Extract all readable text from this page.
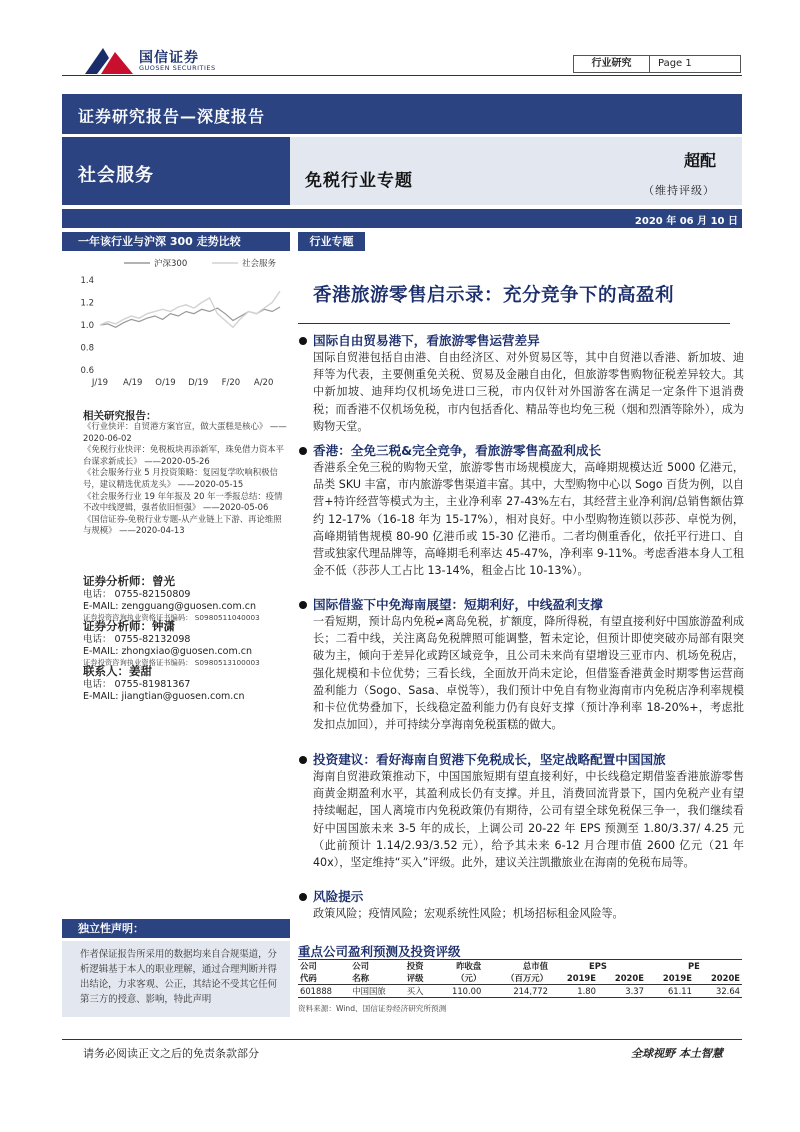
国信证券
GUOSEN SECURITIES	行业研究	Page 1
证券研究报告—深度报告
社会服务	免税行业专题
超配
（维持评级）
2020 年 06 月 10 日
一年该行业与沪深 300 走势比较
1.4
1.2
1.0
0.8
0.6
J/19 A/19 O/19 D/19 F/20 A/20
沪深300	社会服务
相关研究报告：

《行业快评：自贸港方案官宣，做大蛋糕是核心》 ——2020-06-02

《免税行业快评：免税板块再添新军，珠免借力资本平台谋求新成长》 ——2020-05-26

《社会服务行业 5 月投资策略：复园复学吹响积极信号，建议精选优质龙头》 ——2020-05-15

《社会服务行业 19 年年报及 20 年一季报总结：疫情不改中线逻辑，强者依旧恒强》 ——2020-05-06

《国信证券-免税行业专题-从产业链上下游、再论维照与规模》 ——2020-04-13

证券分析师：曾光
电话： 0755-82150809
E-MAIL: zengguang@guosen.com.cn
证券投资咨询执业资格证书编码： S0980511040003
证券分析师：钟潇
电话： 0755-82132098
E-MAIL: zhongxiao@guosen.com.cn
证券投资咨询执业资格证书编码： S0980513100003
联系人：姜甜
电话： 0755-81981367
E-MAIL: jiangtian@guosen.com.cn
独立性声明：
作者保证报告所采用的数据均来自合规渠道，分析逻辑基于本人的职业理解，通过合理判断并得出结论，力求客观、公正，其结论不受其它任何第三方的授意、影响，特此声明
行业专题
香港旅游零售启示录：充分竞争下的高盈利
国际自由贸易港下，看旅游零售运营差异
国际自贸港包括自由港、自由经济区、对外贸易区等，其中自贸港以香港、新加坡、迪拜等为代表，主要侧重免关税、贸易及金融自由化，但旅游零售购物征税差异较大。其中新加坡、迪拜均仅机场免进口三税，市内仅针对外国游客在满足一定条件下退消费税；而香港不仅机场免税，市内包括香化、精品等也均免三税（烟和烈酒等除外），成为购物天堂。
香港：全免三税&完全竞争，看旅游零售高盈利成长
香港系全免三税的购物天堂，旅游零售市场规模庞大，高峰期规模达近 5000 亿港元，品类 SKU 丰富，市内旅游零售渠道丰富。其中，大型购物中心以 Sogo 百货为例，以自营+特许经营等模式为主，主业净利率 27-43%左右，其经营主业净利润/总销售额估算约 12-17%（16-18 年为 15-17%），相对良好。中小型购物连锁以莎莎、卓悦为例，高峰期销售规模 80-90 亿港币或 15-30 亿港币。二者均侧重香化，依托平行进口、自营或独家代理品牌等，高峰期毛利率达 45-47%，净利率 9-11%。考虑香港本身人工租金不低（莎莎人工占比 13-14%，租金占比 10-13%）。
国际借鉴下中免海南展望：短期利好，中线盈利支撑
一看短期，预计岛内免税≠离岛免税，扩额度，降所得税，有望直接利好中国旅游盈利成长；二看中线，关注离岛免税牌照可能调整，暂未定论，但预计即使突破亦局部有限突破为主，倾向于差异化或跨区域竞争，且公司未来尚有望增设三亚市内、机场免税店，强化规模和卡位优势；三看长线，全面放开尚未定论，但借鉴香港黄金时期零售运营商盈利能力（Sogo、Sasa、卓悦等），我们预计中免自有物业海南市内免税店净利率规模和卡位优势叠加下，长线稳定盈利能力仍有良好支撑（预计净利率 18-20%+，考虑批发扣点加回），并可持续分享海南免税蛋糕的做大。
投资建议：看好海南自贸港下免税成长，坚定战略配置中国国旅
海南自贸港政策推动下，中国国旅短期有望直接利好，中长线稳定期借鉴香港旅游零售商黄金期盈利水平，其盈利成长仍有支撑。并且，消费回流背景下，国内免税产业有望持续崛起，国人离境市内免税政策仍有期待，公司有望全球免税保三争一，我们继续看好中国国旅未来 3-5 年的成长，上调公司 20-22 年 EPS 预测至 1.80/3.37/ 4.25 元（此前预计 1.14/2.93/3.52 元），给予其未来 6-12 月合理市值 2600 亿元（21 年 40x），坚定维持“买入”评级。此外，建议关注凯撒旅业在海南的免税布局等。
风险提示
政策风险；疫情风险；宏观系统性风险；机场招标租金风险等。
重点公司盈利预测及投资评级
公司	公司	投资	昨收盘	总市值	EPS		PE	
代码	名称	评级	（元）	（百万元）	2019E	2020E	2019E	2020E
601888	中国国旅	买入	110.00	214,772	1.80	3.37	61.11	32.64
资料来源：Wind、国信证券经济研究所预测
请务必阅读正文之后的免责条款部分	全球视野 本土智慧
